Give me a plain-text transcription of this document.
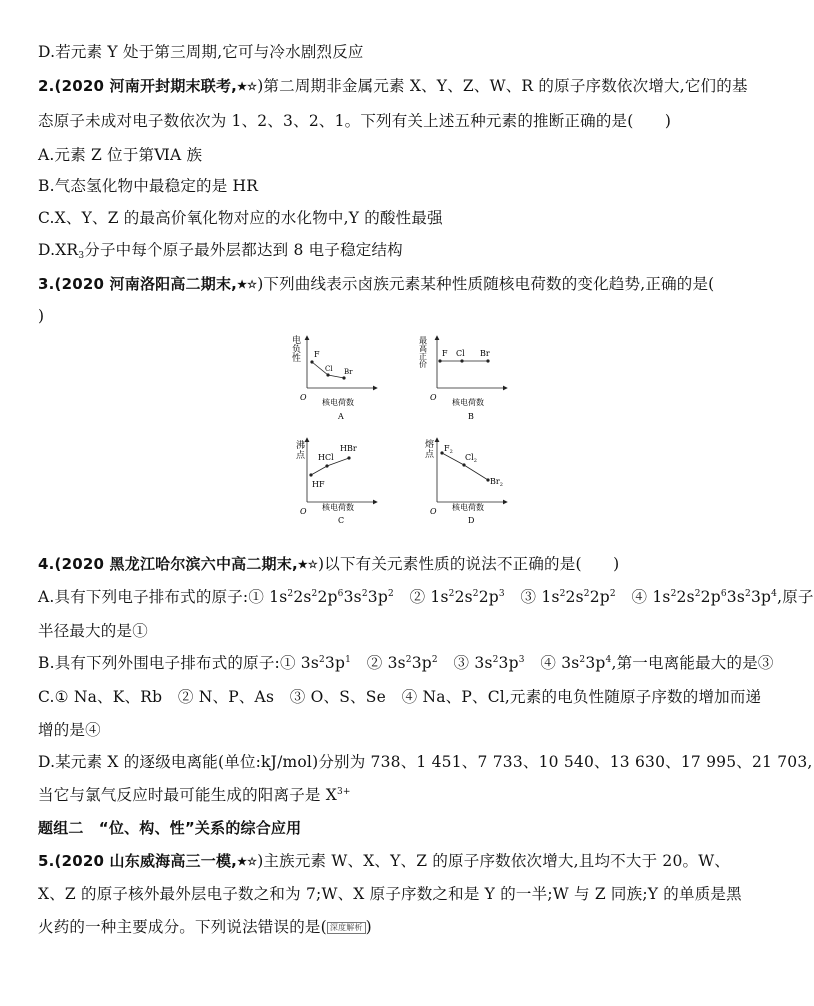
D.若元素 Y 处于第三周期,它可与冷水剧烈反应
2.(2020 河南开封期末联考,★☆)第二周期非金属元素 X、Y、Z、W、R 的原子序数依次增大,它们的基
态原子未成对电子数依次为 1、2、3、2、1。下列有关上述五种元素的推断正确的是(　　)
A.元素 Z 位于第ⅥA 族
B.气态氢化物中最稳定的是 HR
C.X、Y、Z 的最高价氧化物对应的水化物中,Y 的酸性最强
$D.XR_3$分子中每个原子最外层都达到 8 电子稳定结构
3.(2020 河南洛阳高二期末,★☆)下列曲线表示卤族元素某种性质随核电荷数的变化趋势,正确的是(
)
电
负
性
O
核电荷数
A
F
Cl Br
最
高
正
价
O
核电荷数
B
F Cl Br
沸
点
O 核电荷数
C
HF
HCl
HBr	熔
点
O 核电荷数
D
$F_2$
$Cl_2$
$Br_2$
4.(2020 黑龙江哈尔滨六中高二期末,★☆)以下有关元素性质的说法不正确的是(　　)
A.具有下列电子排布式的原子:① $1s^22s^22p^63s^23p^2$　② $1s^22s^22p^3$　③ $1s^22s^22p^2$　④ $1s^22s^22p^63s^23p^4$,原子
半径最大的是①
B.具有下列外围电子排布式的原子:① $3s^23p^1$　② $3s^23p^2$　③ $3s^23p^3$　④ $3s^23p^4$,第一电离能最大的是③
C.① Na、K、Rb　② N、P、As　③ O、S、Se　④ Na、P、Cl,元素的电负性随原子序数的增加而递
增的是④
D.某元素 X 的逐级电离能(单位:kJ/mol)分别为 738、1 451、7 733、10 540、13 630、17 995、21 703,
当它与氯气反应时最可能生成的阳离子是 $X^{3+}$
题组二　“位、构、性”关系的综合应用
5.(2020 山东威海高三一模,★☆)主族元素 W、X、Y、Z 的原子序数依次增大,且均不大于 20。W、
X、Z 的原子核外最外层电子数之和为 7;W、X 原子序数之和是 Y 的一半;W 与 Z 同族;Y 的单质是黑
火药的一种主要成分。下列说法错误的是( 深度解析 )
